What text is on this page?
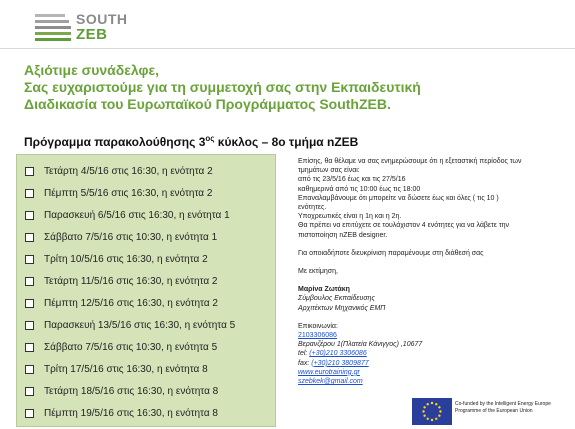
SOUTH
ZEB
Αξιότιμε συνάδελφε,
Σας ευχαριστούμε για τη συμμετοχή σας στην Εκπαιδευτική
Διαδικασία του Ευρωπαϊκού Προγράμματος SouthZEB.
Πρόγραμμα παρακολούθησης $3^{o\varsigma}$ κύκλος – 8ο τμήμα nZEB
Τετάρτη 4/5/16 στις 16:30, η ενότητα 2
Πέμπτη 5/5/16 στις 16:30, η ενότητα 2
Παρασκευή 6/5/16 στις 16:30, η ενότητα 1
Σάββατο 7/5/16 στις 10:30, η ενότητα 1
Τρίτη 10/5/16 στις 16:30, η ενότητα 2
Τετάρτη 11/5/16 στις 16:30, η ενότητα 2
Πέμπτη 12/5/16 στις 16:30, η ενότητα 2
Παρασκευή 13/5/16 στις 16:30, η ενότητα 5
Σάββατο 7/5/16 στις 10:30, η ενότητα 5
Τρίτη 17/5/16 στις 16:30, η ενότητα 8
Τετάρτη 18/5/16 στις 16:30, η ενότητα 8
Πέμπτη 19/5/16 στις 16:30, η ενότητα 8
Επίσης, θα θέλαμε να σας ενημερώσουμε ότι η εξεταστική περίοδος των
τμημάτων σας είναι:
από τις 23/5/16 έως και τις 27/5/16
καθημερινά από τις 10:00 έως τις 18:00
Επαναλαμβάνουμε ότι μπορείτε να δώσετε έως και όλες ( τις 10 )
ενότητες.
Υποχρεωτικές είναι η 1η και η 2η.
Θα πρέπει να επιτύχετε σε τουλάχιστον 4 ενότητες για να λάβετε την
πιστοποίηση nZEB designer.
Για οποιαδήποτε διευκρίνιση παραμένουμε στη διάθεσή σας
Με εκτίμηση,
Μαρίνα Ζωτάκη
Σύμβουλος Εκπαίδευσης
Αρχιτέκτων Μηχανικός ΕΜΠ
Επικοινωνία:
2103306086
Βερανζέρου 1(Πλατεία Κάνιγγος) ,10677
tel: (+30)210 3306086
fax: (+30)210 3809877
www.eurotraining.gr
szebkek@gmail.com
Co-funded by the Intelligent Energy Europe
Programme of the European Union
